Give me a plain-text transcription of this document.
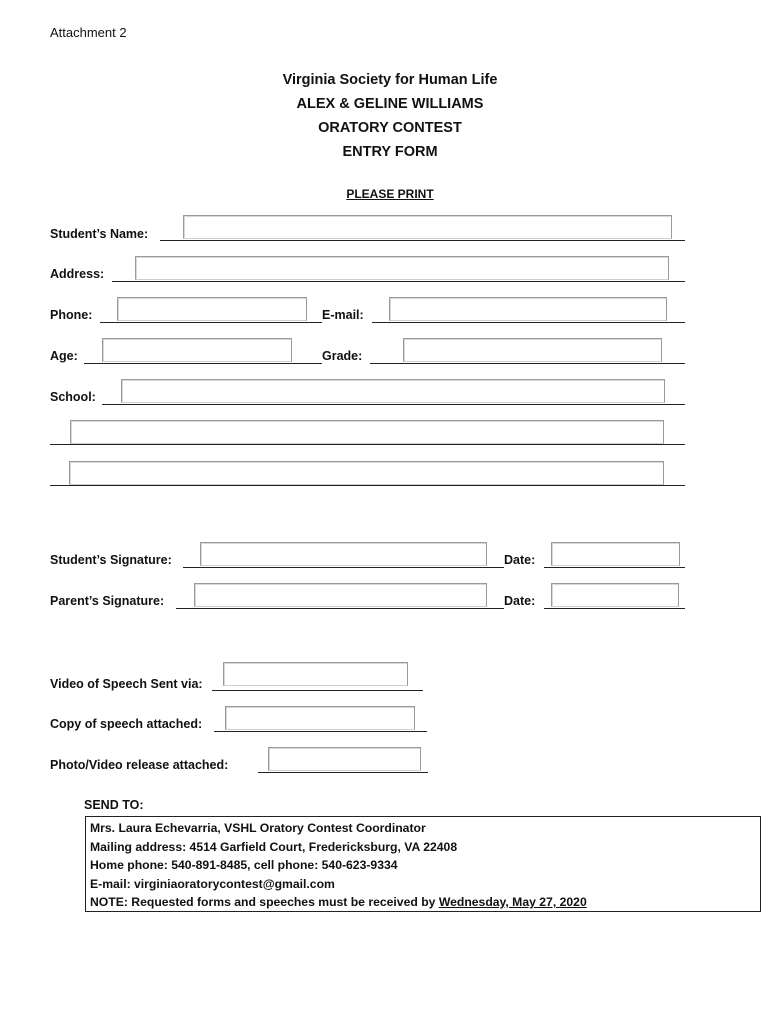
Attachment 2
Virginia Society for Human Life
ALEX & GELINE WILLIAMS
ORATORY CONTEST
ENTRY FORM
PLEASE PRINT
Student’s Name:
Address:
Phone:	E-mail:
Age:	Grade:
School:
Student’s Signature:	Date:
Parent’s Signature:	Date:
Video of Speech Sent via:
Copy of speech attached:
Photo/Video release attached:
SEND TO:
Mrs. Laura Echevarria, VSHL Oratory Contest Coordinator
Mailing address: 4514 Garfield Court, Fredericksburg, VA 22408
Home phone: 540-891-8485, cell phone: 540-623-9334
E-mail: virginiaoratorycontest@gmail.com
NOTE: Requested forms and speeches must be received by Wednesday, May 27, 2020
